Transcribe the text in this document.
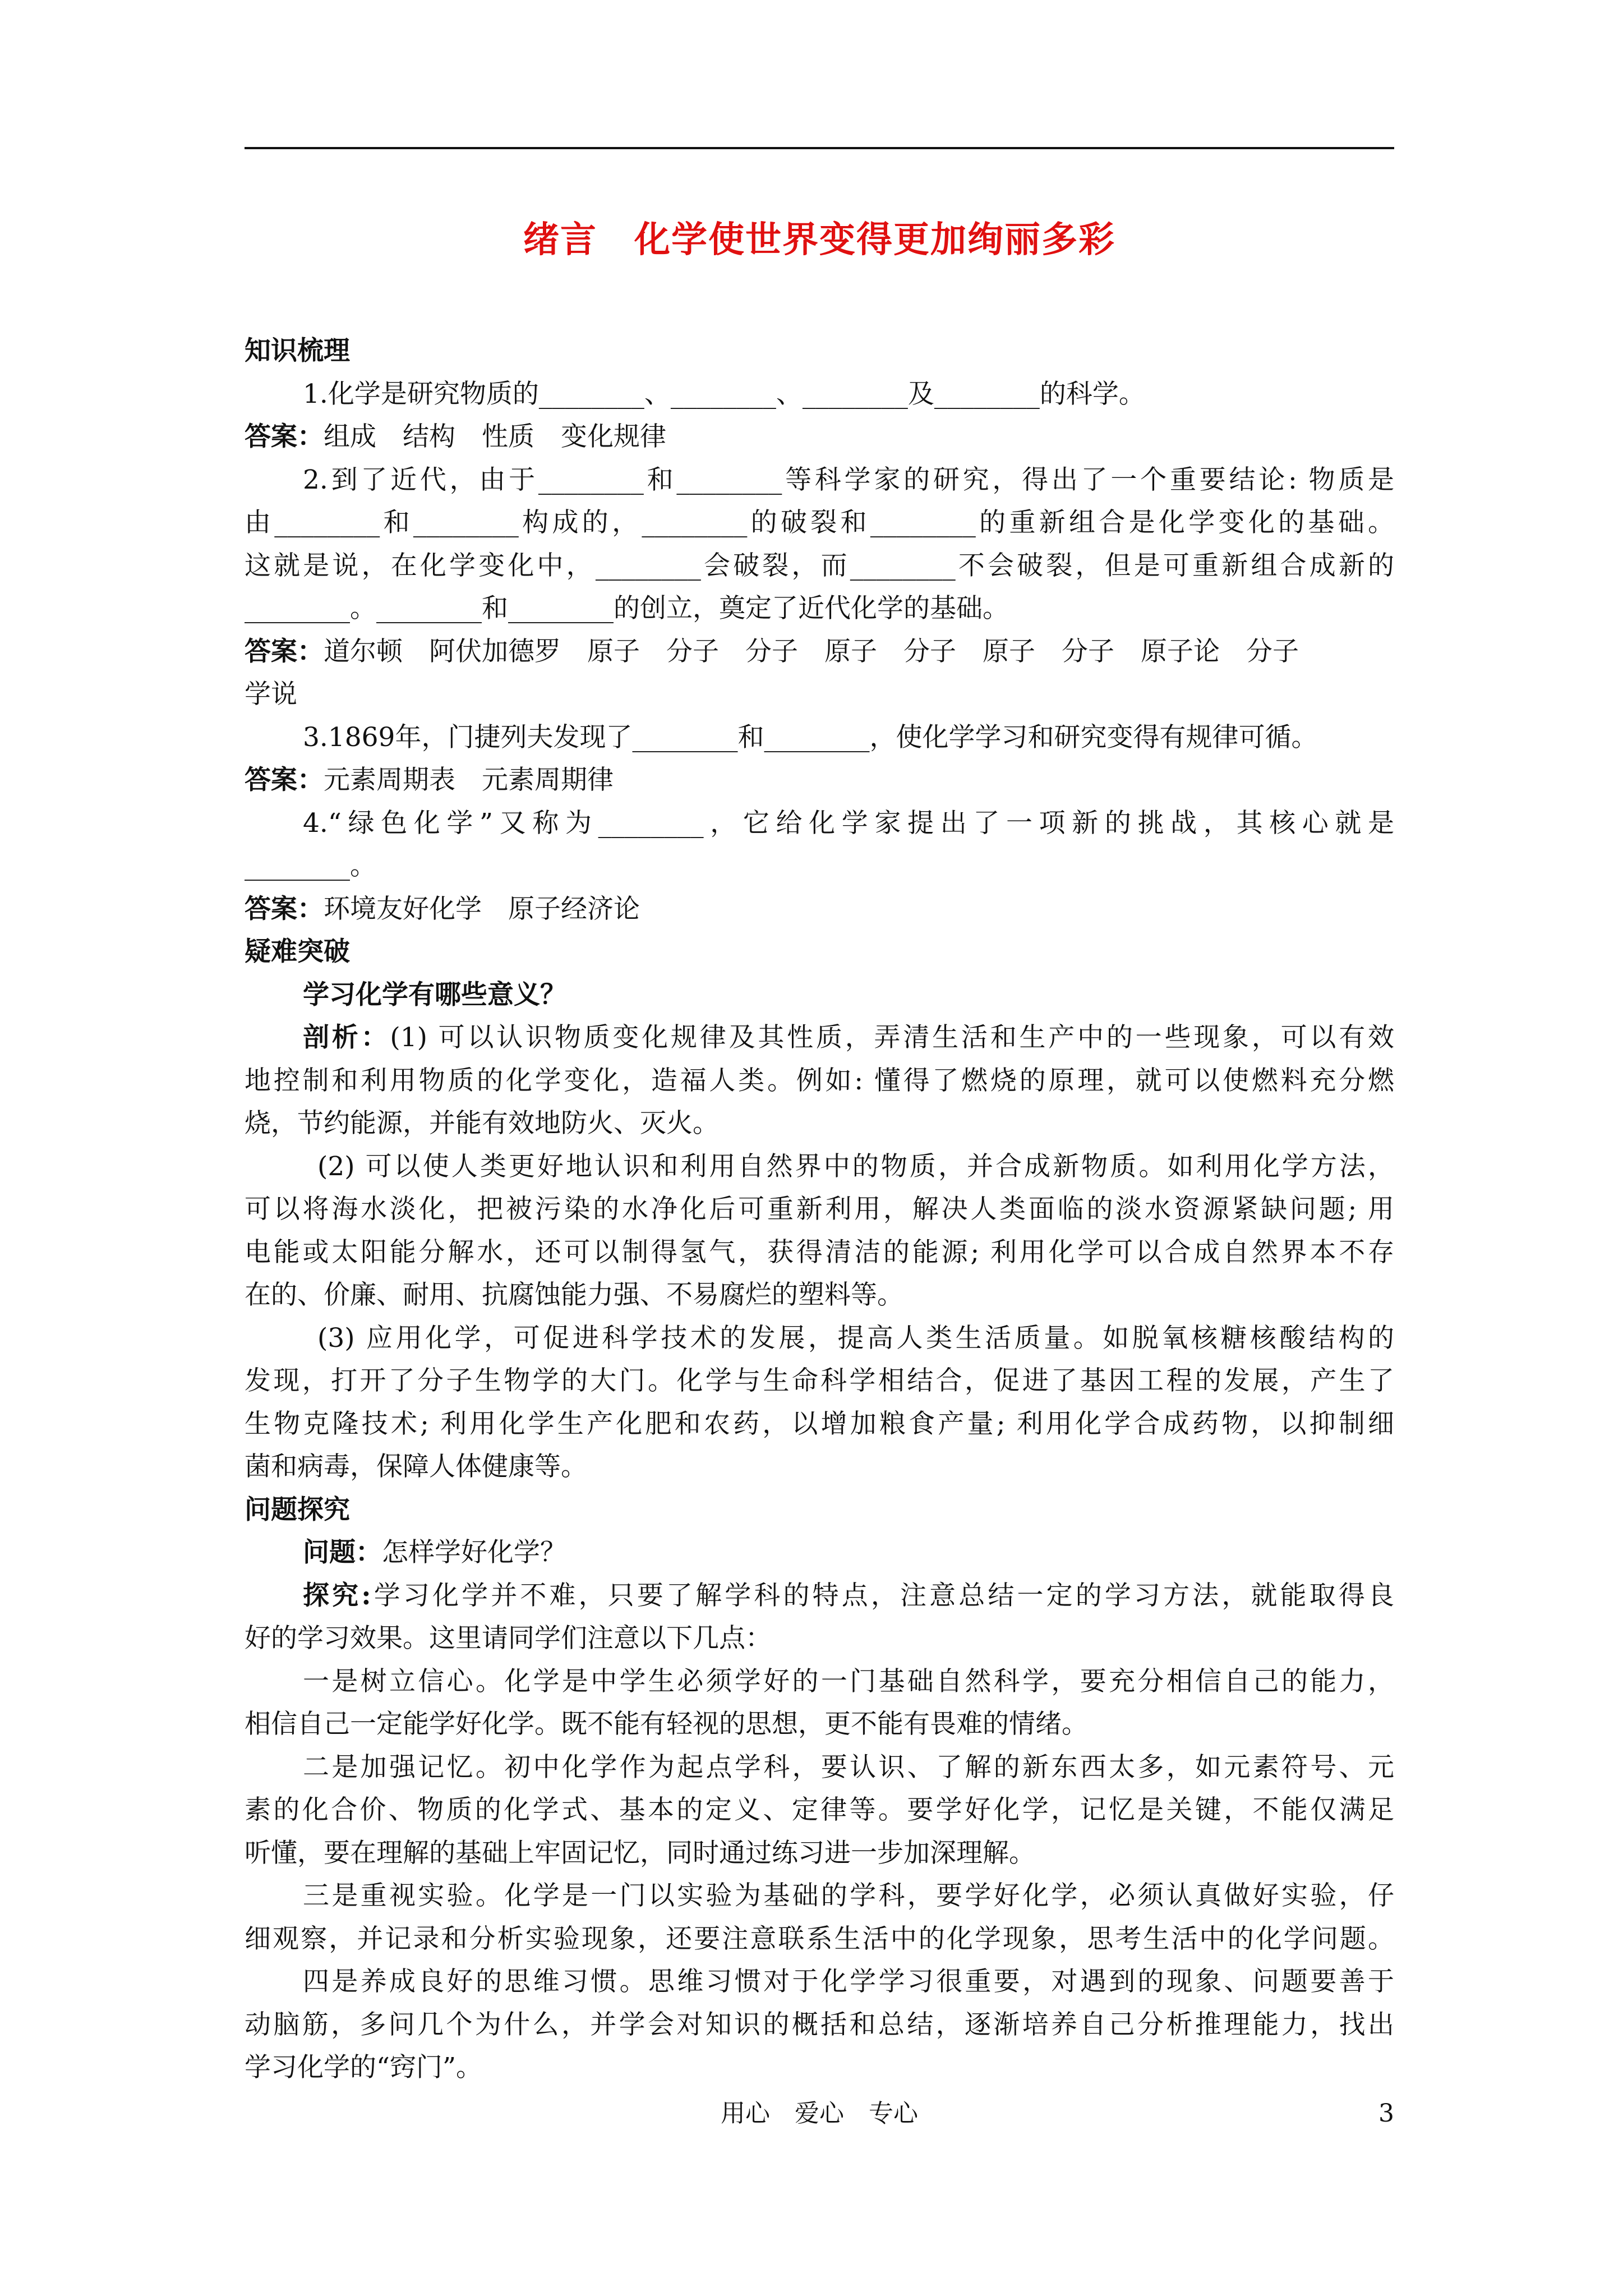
绪言　化学使世界变得更加绚丽多彩
知识梳理
1.化学是研究物质的________、________、________及________的科学。
答案：组成　结构　性质　变化规律
2.到了近代，由于________和________等科学家的研究，得出了一个重要结论: 物质是
由________和________构成的，________的破裂和________的重新组合是化学变化的基础。
这就是说，在化学变化中，________会破裂，而________不会破裂，但是可重新组合成新的
________。________和________的创立，奠定了近代化学的基础。
答案：道尔顿　阿伏加德罗　原子　分子　分子　原子　分子　原子　分子　原子论　分子
学说
3.1869年，门捷列夫发现了________和________，使化学学习和研究变得有规律可循。
答案：元素周期表　元素周期律
4.“绿色化学”又称为________，它给化学家提出了一项新的挑战，其核心就是
________。
答案：环境友好化学　原子经济论
疑难突破
学习化学有哪些意义？
剖析：(1) 可以认识物质变化规律及其性质，弄清生活和生产中的一些现象，可以有效
地控制和利用物质的化学变化，造福人类。例如: 懂得了燃烧的原理，就可以使燃料充分燃
烧，节约能源，并能有效地防火、灭火。
(2) 可以使人类更好地认识和利用自然界中的物质，并合成新物质。如利用化学方法，
可以将海水淡化，把被污染的水净化后可重新利用，解决人类面临的淡水资源紧缺问题; 用
电能或太阳能分解水，还可以制得氢气，获得清洁的能源; 利用化学可以合成自然界本不存
在的、价廉、耐用、抗腐蚀能力强、不易腐烂的塑料等。
(3) 应用化学，可促进科学技术的发展，提高人类生活质量。如脱氧核糖核酸结构的
发现，打开了分子生物学的大门。化学与生命科学相结合，促进了基因工程的发展，产生了
生物克隆技术; 利用化学生产化肥和农药，以增加粮食产量; 利用化学合成药物，以抑制细
菌和病毒，保障人体健康等。
问题探究
问题：怎样学好化学？
探究:学习化学并不难，只要了解学科的特点，注意总结一定的学习方法，就能取得良
好的学习效果。这里请同学们注意以下几点：
一是树立信心。化学是中学生必须学好的一门基础自然科学，要充分相信自己的能力，
相信自己一定能学好化学。既不能有轻视的思想，更不能有畏难的情绪。
二是加强记忆。初中化学作为起点学科，要认识、了解的新东西太多，如元素符号、元
素的化合价、物质的化学式、基本的定义、定律等。要学好化学，记忆是关键，不能仅满足
听懂，要在理解的基础上牢固记忆，同时通过练习进一步加深理解。
三是重视实验。化学是一门以实验为基础的学科，要学好化学，必须认真做好实验，仔
细观察，并记录和分析实验现象，还要注意联系生活中的化学现象，思考生活中的化学问题。
四是养成良好的思维习惯。思维习惯对于化学学习很重要，对遇到的现象、问题要善于
动脑筋，多问几个为什么，并学会对知识的概括和总结，逐渐培养自己分析推理能力，找出
学习化学的“窍门”。
用心　爱心　专心	3
